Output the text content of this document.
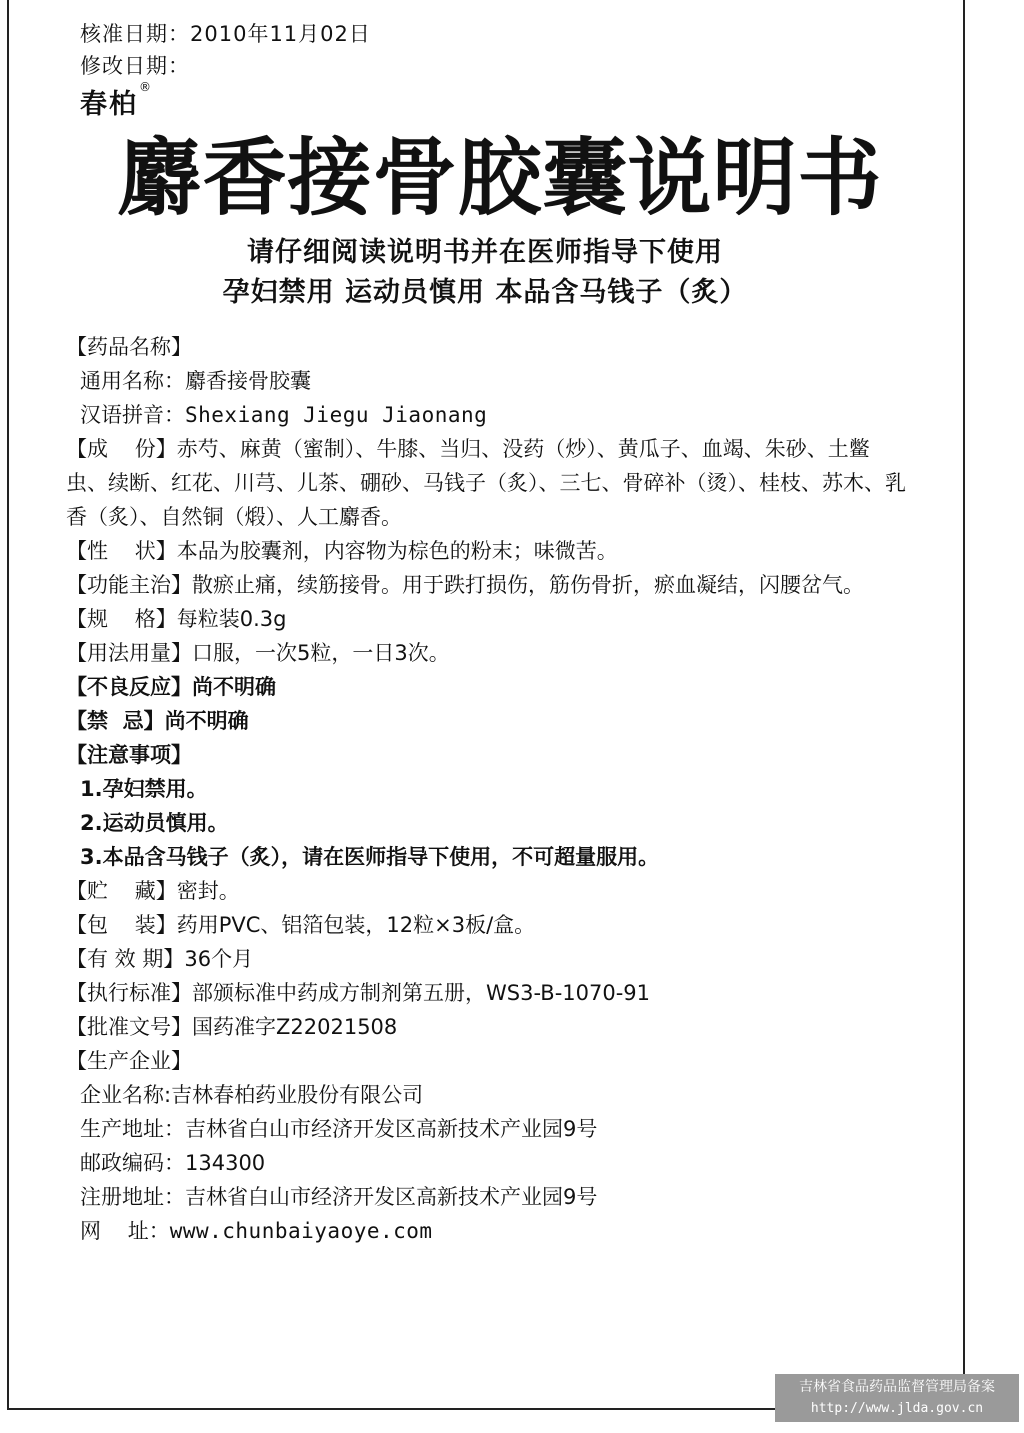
核准日期：2010年11月02日
修改日期：
春柏®
麝香接骨胶囊说明书
请仔细阅读说明书并在医师指导下使用
孕妇禁用 运动员慎用 本品含马钱子（炙）
【药品名称】
通用名称： 麝香接骨胶囊
汉语拼音： Shexiang Jiegu Jiaonang
【成    份】赤芍、麻黄（蜜制）、牛膝、当归、没药（炒）、黄瓜子、血竭、朱砂、土鳖虫、续断、红花、川芎、儿茶、硼砂、马钱子（炙）、三七、骨碎补（烫）、桂枝、苏木、乳香（炙）、自然铜（煅）、人工麝香。
【性    状】 本品为胶囊剂，内容物为棕色的粉末；味微苦。
【功能主治】 散瘀止痛，续筋接骨。用于跌打损伤，筋伤骨折，瘀血凝结，闪腰岔气。
【规    格】 每粒装0.3g
【用法用量】 口服，一次5粒，一日3次。
【不良反应】 尚不明确
【禁  忌】 尚不明确
【注意事项】
1.孕妇禁用。
2.运动员慎用。
3.本品含马钱子（炙），请在医师指导下使用，不可超量服用。
【贮    藏】 密封。
【包    装】 药用PVC、铝箔包装，12粒×3板/盒。
【有 效 期】 36个月
【执行标准】 部颁标准中药成方制剂第五册，WS3-B-1070-91
【批准文号】 国药准字Z22021508
【生产企业】
企业名称: 吉林春柏药业股份有限公司
生产地址： 吉林省白山市经济开发区高新技术产业园9号
邮政编码： 134300
注册地址： 吉林省白山市经济开发区高新技术产业园9号
网    址： www.chunbaiyaoye.com
吉林省食品药品监督管理局备案
http://www.jlda.gov.cn
